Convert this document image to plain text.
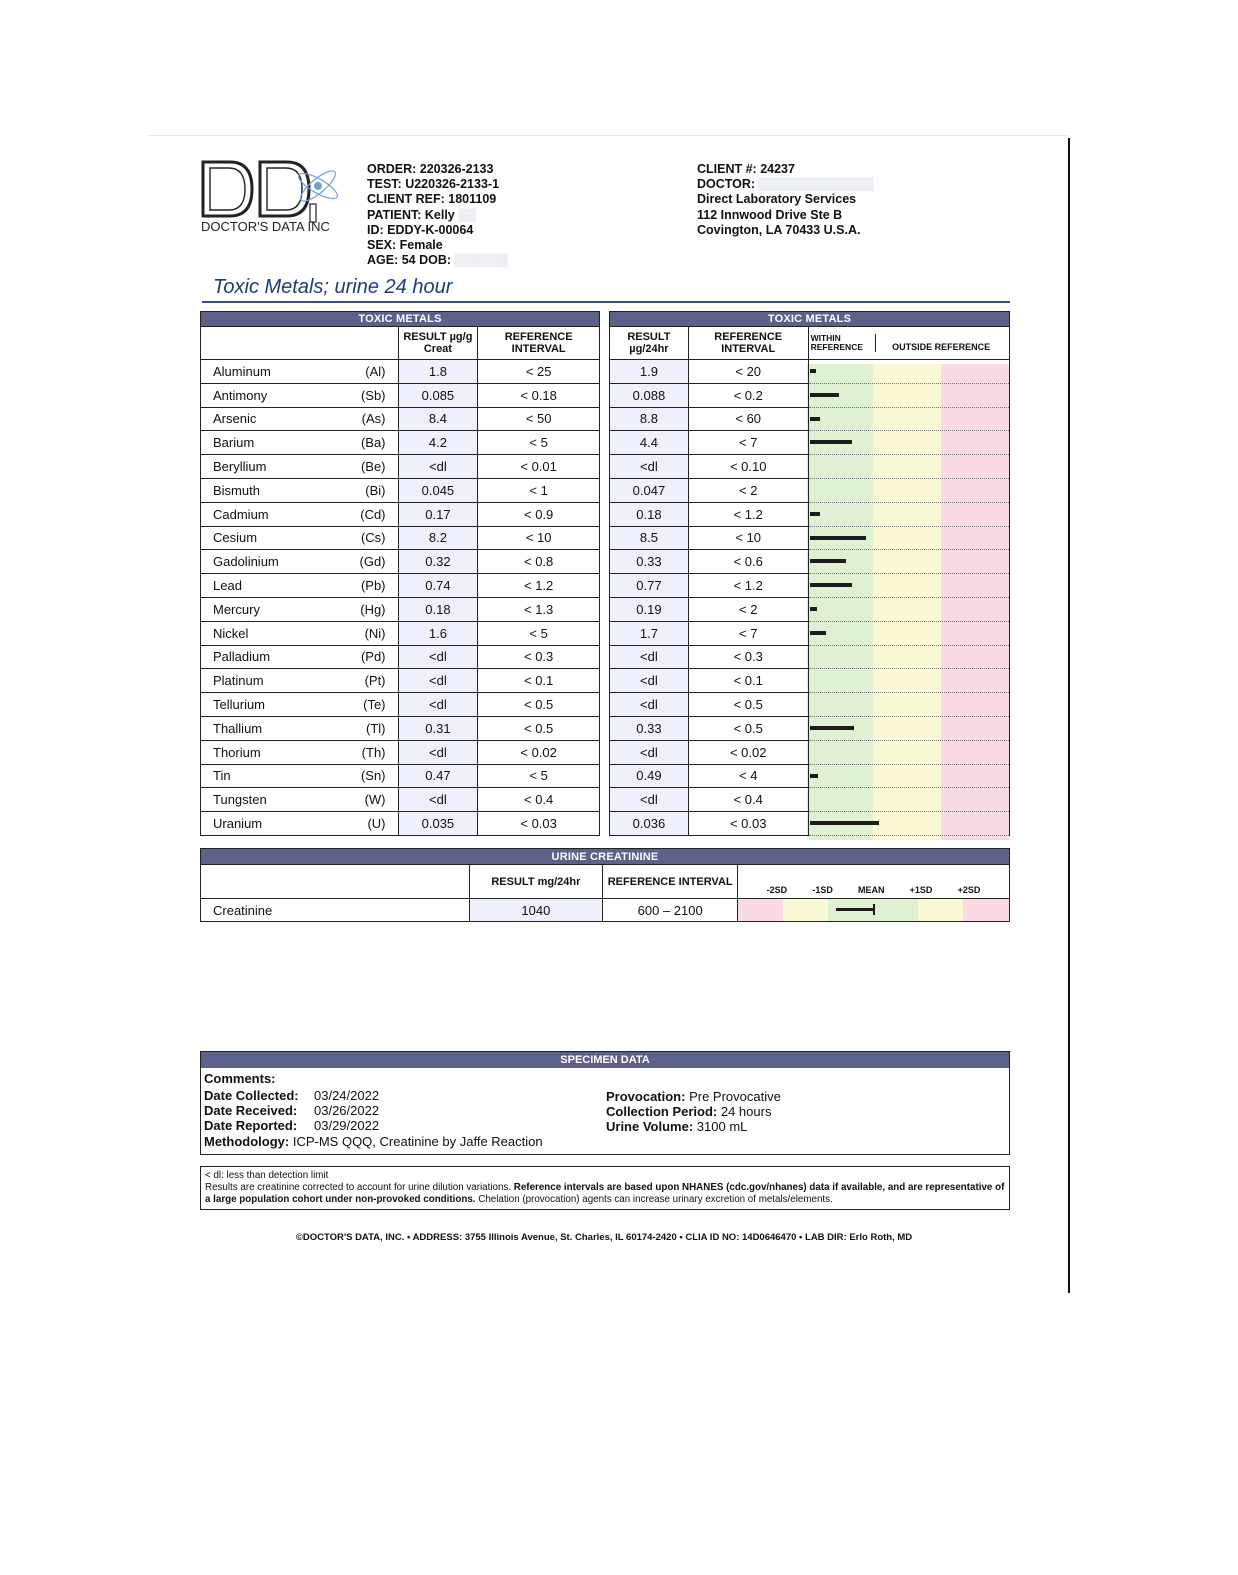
DOCTOR'S DATA INC
ORDER: 220326-2133
TEST: U220326-2133-1
CLIENT REF: 1801109
PATIENT: Kelly ▒▒
ID: EDDY-K-00064
SEX: Female
AGE: 54 DOB: ▒▒▒▒▒▒
CLIENT #: 24237
DOCTOR: ▒▒▒▒▒▒▒▒▒▒▒▒▒
Direct Laboratory Services
112 Innwood Drive Ste B
Covington, LA 70433 U.S.A.
Toxic Metals; urine 24 hour
TOXIC METALS			
		RESULT µg/g Creat	REFERENCE INTERVAL
Aluminum	(Al)	1.8	< 25
Antimony	(Sb)	0.085	< 0.18
Arsenic	(As)	8.4	< 50
Barium	(Ba)	4.2	< 5
Beryllium	(Be)	<dl	< 0.01
Bismuth	(Bi)	0.045	< 1
Cadmium	(Cd)	0.17	< 0.9
Cesium	(Cs)	8.2	< 10
Gadolinium	(Gd)	0.32	< 0.8
Lead	(Pb)	0.74	< 1.2
Mercury	(Hg)	0.18	< 1.3
Nickel	(Ni)	1.6	< 5
Palladium	(Pd)	<dl	< 0.3
Platinum	(Pt)	<dl	< 0.1
Tellurium	(Te)	<dl	< 0.5
Thallium	(Tl)	0.31	< 0.5
Thorium	(Th)	<dl	< 0.02
Tin	(Sn)	0.47	< 5
Tungsten	(W)	<dl	< 0.4
Uranium	(U)	0.035	< 0.03
TOXIC METALS		
RESULT µg/24hr	REFERENCE INTERVAL	WITHIN REFERENCE OUTSIDE REFERENCE
1.9	< 20	

0.088	< 0.2	

8.8	< 60	

4.4	< 7	

<dl	< 0.10	
0.047	< 2	
0.18	< 1.2	

8.5	< 10	

0.33	< 0.6	

0.77	< 1.2	

0.19	< 2	

1.7	< 7	

<dl	< 0.3	
<dl	< 0.1	
<dl	< 0.5	
0.33	< 0.5	

<dl	< 0.02	
0.49	< 4	

<dl	< 0.4	
0.036	< 0.03	
URINE CREATININE			
	RESULT mg/24hr	REFERENCE INTERVAL	-2SD -1SD MEAN +1SD +2SD

Creatinine	1040	600 – 2100	
SPECIMEN DATA
Comments:
Date Collected: 03/24/2022
Date Received: 03/26/2022
Date Reported: 03/29/2022
Methodology: ICP-MS QQQ, Creatinine by Jaffe Reaction
Provocation: Pre Provocative
Collection Period: 24 hours
Urine Volume: 3100 mL
< dl: less than detection limit
Results are creatinine corrected to account for urine dilution variations. Reference intervals are based upon NHANES (cdc.gov/nhanes) data if available, and are representative of a large population cohort under non-provoked conditions. Chelation (provocation) agents can increase urinary excretion of metals/elements.
©DOCTOR'S DATA, INC. • ADDRESS: 3755 Illinois Avenue, St. Charles, IL 60174-2420 • CLIA ID NO: 14D0646470 • LAB DIR: Erlo Roth, MD
